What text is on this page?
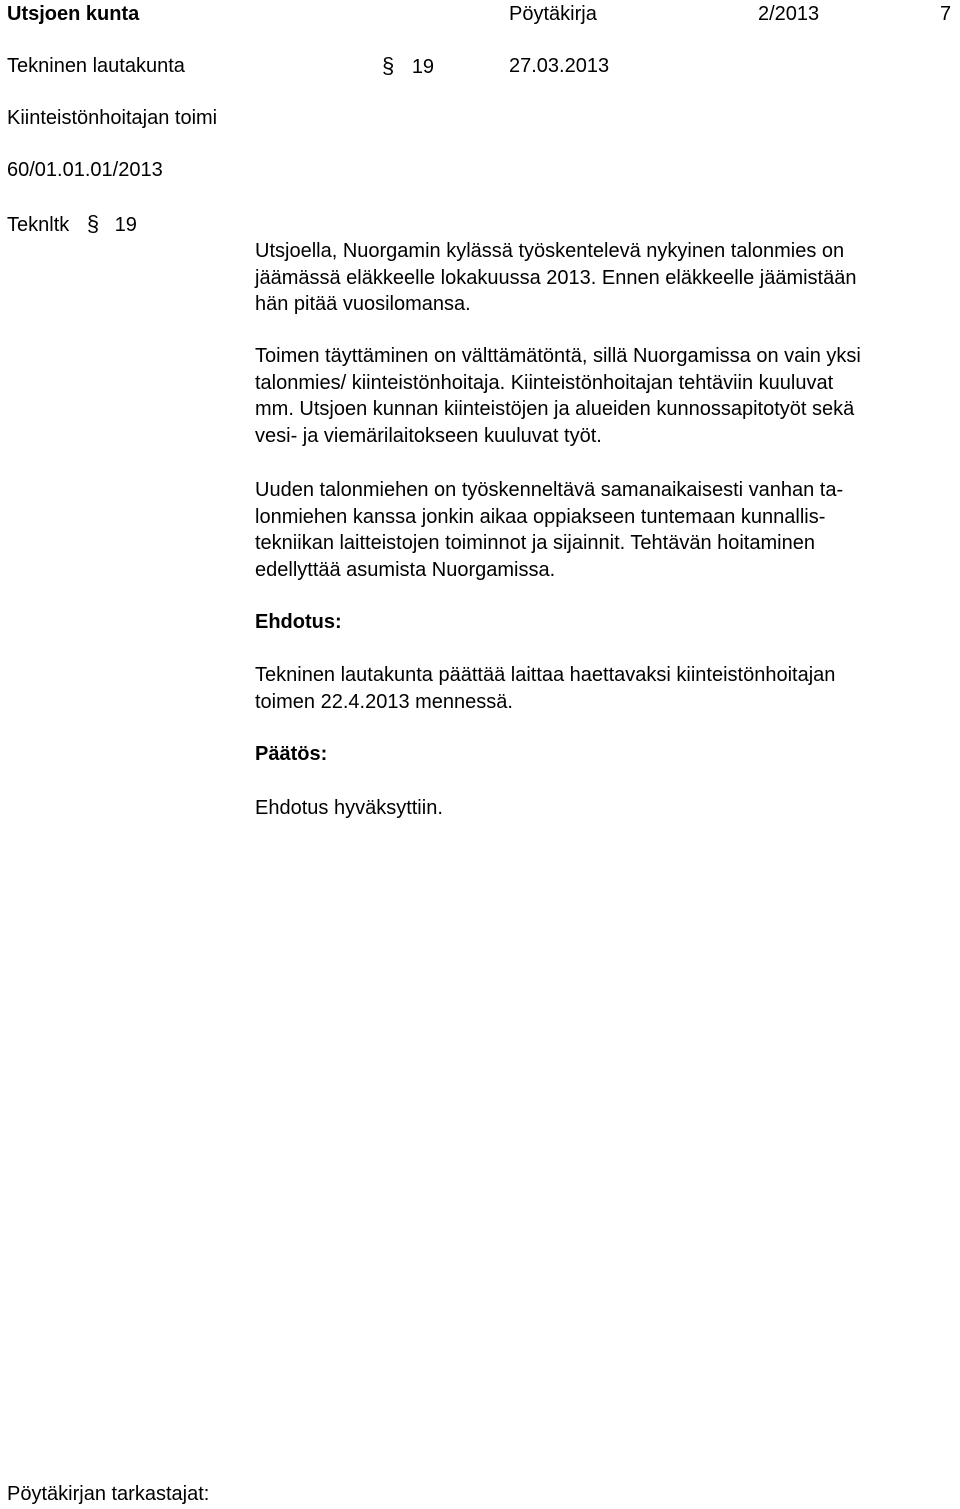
Utsjoen kunta	Pöytäkirja	2/2013	7
Tekninen lautakunta	§ 19	27.03.2013
Kiinteistönhoitajan toimi
60/01.01.01/2013
Teknltk § 19
Utsjoella, Nuorgamin kylässä työskentelevä nykyinen talonmies on
jäämässä eläkkeelle lokakuussa 2013. Ennen eläkkeelle jäämistään
hän pitää vuosilomansa.
Toimen täyttäminen on välttämätöntä, sillä Nuorgamissa on vain yksi
talonmies/ kiinteistönhoitaja. Kiinteistönhoitajan tehtäviin kuuluvat
mm. Utsjoen kunnan kiinteistöjen ja alueiden kunnossapitotyöt sekä
vesi- ja viemärilaitokseen kuuluvat työt.
Uuden talonmiehen on työskenneltävä samanaikaisesti vanhan ta-
lonmiehen kanssa jonkin aikaa oppiakseen tuntemaan kunnallis-
tekniikan laitteistojen toiminnot ja sijainnit. Tehtävän hoitaminen
edellyttää asumista Nuorgamissa.
Ehdotus:
Tekninen lautakunta päättää laittaa haettavaksi kiinteistönhoitajan
toimen 22.4.2013 mennessä.
Päätös:
Ehdotus hyväksyttiin.
Pöytäkirjan tarkastajat:
